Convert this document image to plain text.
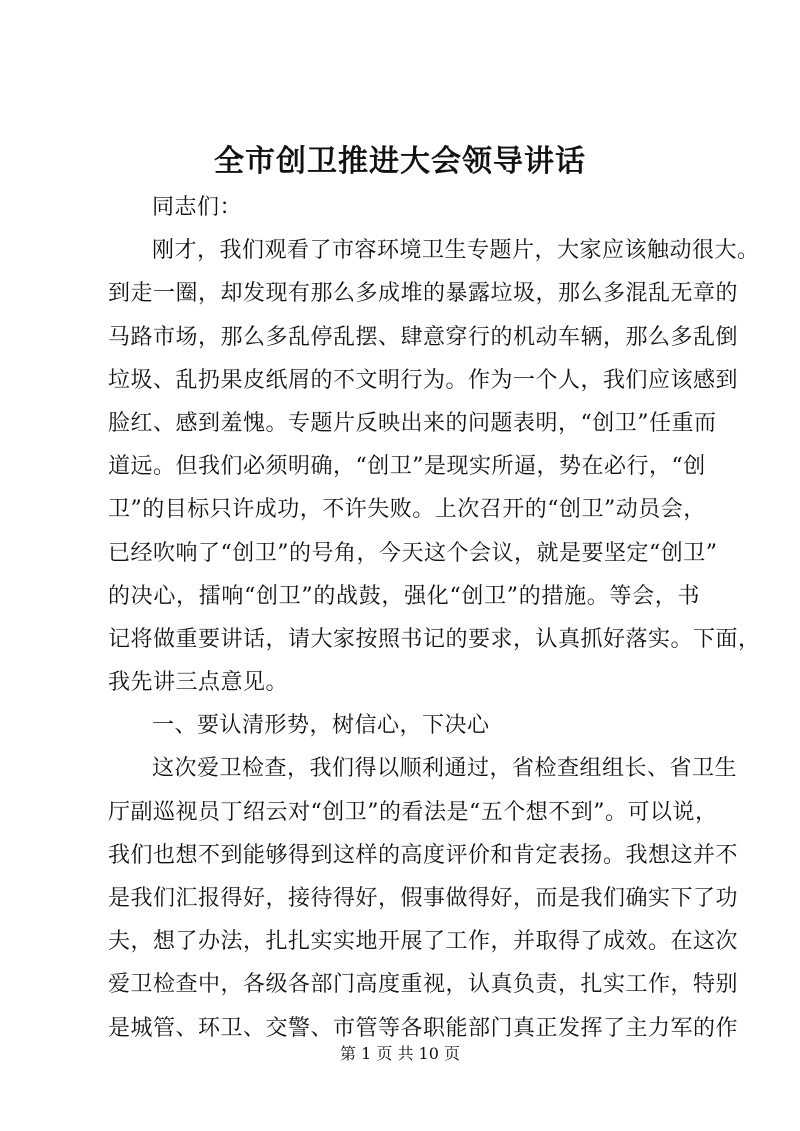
全市创卫推进大会领导讲话
同志们：
刚才，我们观看了市容环境卫生专题片，大家应该触动很大。
到走一圈，却发现有那么多成堆的暴露垃圾，那么多混乱无章的
马路市场，那么多乱停乱摆、肆意穿行的机动车辆，那么多乱倒
垃圾、乱扔果皮纸屑的不文明行为。作为一个人，我们应该感到
脸红、感到羞愧。专题片反映出来的问题表明，“创卫”任重而
道远。但我们必须明确，“创卫”是现实所逼，势在必行，“创
卫”的目标只许成功，不许失败。上次召开的“创卫”动员会，
已经吹响了“创卫”的号角，今天这个会议，就是要坚定“创卫”
的决心，擂响“创卫”的战鼓，强化“创卫”的措施。等会，书
记将做重要讲话，请大家按照书记的要求，认真抓好落实。下面，
我先讲三点意见。
一、要认清形势，树信心，下决心
这次爱卫检查，我们得以顺利通过，省检查组组长、省卫生
厅副巡视员丁绍云对“创卫”的看法是“五个想不到”。可以说，
我们也想不到能够得到这样的高度评价和肯定表扬。我想这并不
是我们汇报得好，接待得好，假事做得好，而是我们确实下了功
夫，想了办法，扎扎实实地开展了工作，并取得了成效。在这次
爱卫检查中，各级各部门高度重视，认真负责，扎实工作，特别
是城管、环卫、交警、市管等各职能部门真正发挥了主力军的作
第 1 页 共 10 页
